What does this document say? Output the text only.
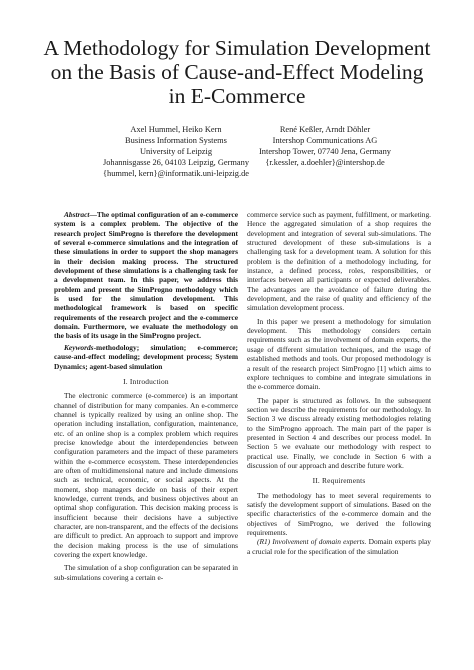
A Methodology for Simulation Development
on the Basis of Cause-and-Effect Modeling
in E-Commerce
Axel Hummel, Heiko Kern
Business Information Systems
University of Leipzig
Johannisgasse 26, 04103 Leipzig, Germany
{hummel, kern}@informatik.uni-leipzig.de
René Keßler, Arndt Döhler
Intershop Communications AG
Intershop Tower, 07740 Jena, Germany
{r.kessler, a.doehler}@intershop.de

Abstract—The optimal configuration of an e-commerce system is a complex problem. The objective of the research project SimProgno is therefore the development of several e-commerce simulations and the integration of these simulations in order to support the shop managers in their decision making process. The structured development of these simulations is a challenging task for a development team. In this paper, we address this problem and present the SimProgno methodology which is used for the simulation development. This methodological framework is based on specific requirements of the research project and the e-commerce domain. Furthermore, we evaluate the methodology on the basis of its usage in the SimProgno project.

Keywords-methodology; simulation; e-commerce; cause-and-effect modeling; development process; System Dynamics; agent-based simulation

I. Introduction

The electronic commerce (e-commerce) is an important channel of distribution for many companies. An e-commerce channel is typically realized by using an online shop. The operation including installation, configuration, maintenance, etc. of an online shop is a complex problem which requires precise knowledge about the interdependencies between configuration parameters and the impact of these parameters within the e-commerce ecosystem. These interdependencies are often of multidimensional nature and include dimensions such as technical, economic, or social aspects. At the moment, shop managers decide on basis of their expert knowledge, current trends, and business objectives about an optimal shop configuration. This decision making process is insufficient because their decisions have a subjective character, are non-transparent, and the effects of the decisions are difficult to predict. An approach to support and improve the decision making process is the use of simulations covering the expert knowledge.

The simulation of a shop configuration can be separated in sub-simulations covering a certain e-

commerce service such as payment, fulfillment, or marketing. Hence the aggregated simulation of a shop requires the development and integration of several sub-simulations. The structured development of these sub-simulations is a challenging task for a development team. A solution for this problem is the definition of a methodology including, for instance, a defined process, roles, responsibilities, or interfaces between all participants or expected deliverables. The advantages are the avoidance of failure during the development, and the raise of quality and efficiency of the simulation development process.

In this paper we present a methodology for simulation development. This methodology considers certain requirements such as the involvement of domain experts, the usage of different simulation techniques, and the usage of established methods and tools. Our proposed methodology is a result of the research project SimProgno [1] which aims to explore techniques to combine and integrate simulations in the e-commerce domain.

The paper is structured as follows. In the subsequent section we describe the requirements for our methodology. In Section 3 we discuss already existing methodologies relating to the SimProgno approach. The main part of the paper is presented in Section 4 and describes our process model. In Section 5 we evaluate our methodology with respect to practical use. Finally, we conclude in Section 6 with a discussion of our approach and describe future work.

II. Requirements

The methodology has to meet several requirements to satisfy the development support of simulations. Based on the specific characteristics of the e-commerce domain and the objectives of SimProgno, we derived the following requirements.

(R1) Involvement of domain experts. Domain experts play a crucial role for the specification of the simulation
